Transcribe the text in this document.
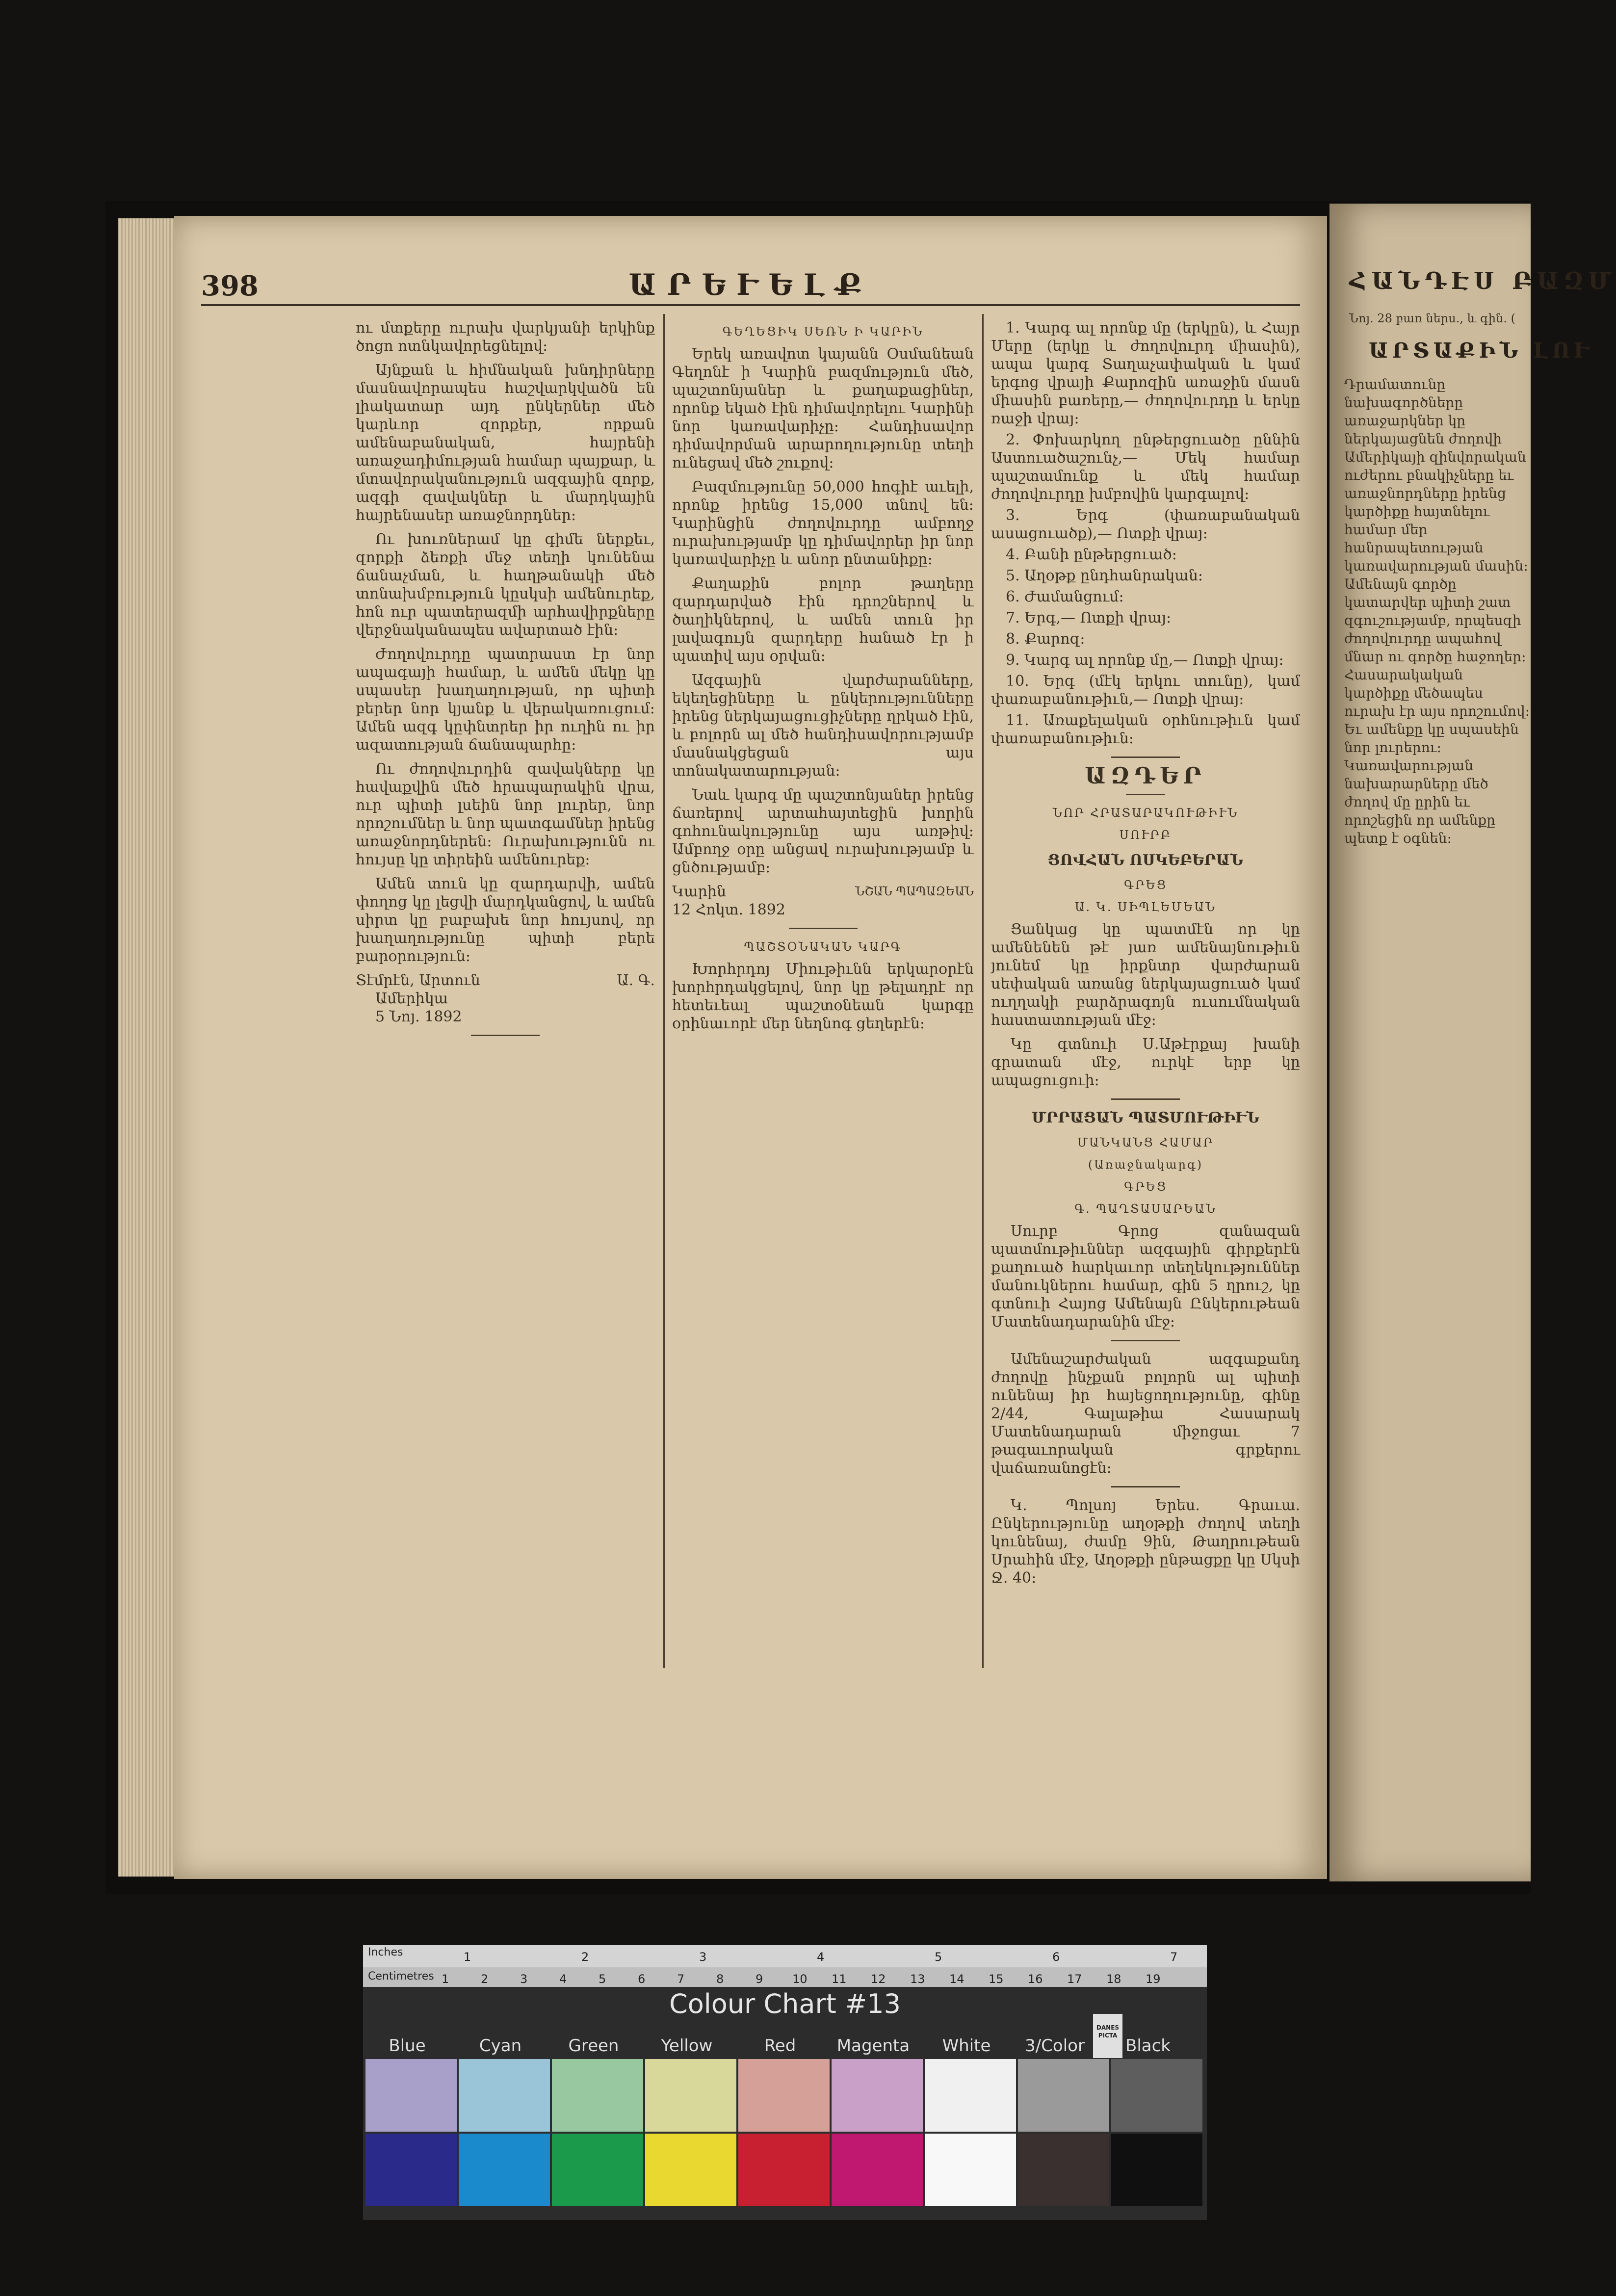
398	ԱՐԵՒԵԼՔ

ու մտքերը ուրախ վարկյանի երկինք ծոցո ոտնկավորեցնելով։

Այնքան և հիմնական խնդիրները մասնավորապես հաշվարկվածն են լիակատար այդ ընկերներ մեծ կարևոր զորքեր, որքան ամենաբանական, հայրենի առաջադիմության համար պայքար, և մտավորականություն ազգային զորք, ազգի զավակներ և մարդկային հայրենասեր առաջնորդներ։

Ու խուռներամ կը գիմե ներքեւ, զորքի ձեռքի մեջ տեղի կունենա ճանաչման, և հաղթանակի մեծ տոնախմբություն կըսկսի ամենուրեք, հոն ուր պատերազմի արհավիրքները վերջնականապես ավարտած էին։

Ժողովուրդը պատրաստ էր նոր ապագայի համար, և ամեն մեկը կը սպասեր խաղաղության, որ պիտի բերեր նոր կյանք և վերակառուցում։ Ամեն ազգ կըփնտրեր իր ուղին ու իր ազատության ճանապարհը։

Ու ժողովուրդին զավակները կը հավաքվին մեծ հրապարակին վրա, ուր պիտի լսեին նոր լուրեր, նոր որոշումներ և նոր պատգամներ իրենց առաջնորդներեն։ Ուրախությունն ու հույսը կը տիրեին ամենուրեք։

Ամեն տուն կը զարդարվի, ամեն փողոց կը լեցվի մարդկանցով, և ամեն սիրտ կը բաբախե նոր հույսով, որ խաղաղությունը պիտի բերե բարօրություն։

Տէմրէն, Արտուն	Ա. Գ.
Ամերիկա
5 Նոյ. 1892
ԳԵՂԵՑԻԿ ՍԵՌՆ Ի ԿԱՐԻՆ

Երեկ առավոտ կայանն Օսմանեան Գեղոնէ ի Կարին բազմություն մեծ, պաշտոնյաներ և քաղաքացիներ, որոնք եկած էին դիմավորելու Կարինի նոր կառավարիչը։ Հանդիսավոր դիմավորման արարողությունը տեղի ունեցավ մեծ շուքով։

Բազմությունը 50,000 հոգիէ աւելի, որոնք իրենց 15,000 տնով են։ Կարինցին ժողովուրդը ամբողջ ուրախությամբ կը դիմավորեր իր նոր կառավարիչը և անոր ընտանիքը։

Քաղաքին բոլոր թաղերը զարդարված էին դրոշներով և ծաղիկներով, և ամեն տուն իր լավագույն զարդերը հանած էր ի պատիվ այս օրվան։

Ազգային վարժարանները, եկեղեցիները և ընկերությունները իրենց ներկայացուցիչները ղրկած էին, և բոլորն ալ մեծ հանդիսավորությամբ մասնակցեցան այս տոնակատարության։

Նաև կարգ մը պաշտոնյաներ իրենց ճառերով արտահայտեցին խորին գոհունակությունը այս առթիվ։ Ամբողջ օրը անցավ ուրախությամբ և ցնծությամբ։

Կարին	ՆՇԱՆ ՊԱՊԱԶԵԱՆ
12 Հոկտ. 1892
ՊԱՇՏՕՆԱԿԱՆ ԿԱՐԳ

Խորհրդոյ Միութիւնն երկարօրէն խորհրդակցելով, նոր կը թելադրէ որ հետեւեալ պաշտօնեան կարգը օրինաւորէ մեր նեղնոգ ցեղերէն։

1. Կարգ ալ որոնք մը (երկըն), և Հայր Մերը (երկը և ժողովուրդ միասին), ապա կարգ Տաղաչափական և կամ երգոց վրայի Քարոզին առաջին մասն միասին բառերը,— ժողովուրդը և երկը ռաջի վրայ։

2. Փոխարկող ընթերցուածը ըննին Աստուածաշունչ,— Մեկ համար պաշտամունք և մեկ համար ժողովուրդը խմբովին կարգալով։

3. Երգ (փառաբանական ասացուածք),— Ոտքի վրայ։

4. Բանի ընթերցուած։

5. Աղօթք ընդհանրական։

6. Ժամանցում։

7. Երգ,— Ոտքի վրայ։

8. Քարոզ։

9. Կարգ ալ որոնք մը,— Ոտքի վրայ։

10. Երգ (մէկ երկու տունը), կամ փառաբանութիւն,— Ոտքի վրայ։

11. Առաքելական օրհնութիւն կամ փառաբանութիւն։

ԱԶԴԵՐ
ՆՈՐ ՀՐԱՏԱՐԱԿՈՒԹԻՒՆ
ՍՈՒՐԲ
ՑՈՎՀԱՆ ՈՍԿԵԲԵՐԱՆ
ԳՐԵՑ
Ա. Կ. ՍԻՊԼԵՄԵԱՆ

Ցանկաց կը պատմէն որ կը ամենենեն թէ յառ ամենայնութիւն յունեմ կը իրքնտր վարժարան սեփական առանց ներկայացուած կամ ուղղակի բարձրագոյն ուսումնական հաստատության մէջ։

Կը գտնուի Ս.Աթէրքայ խանի գրատան մէջ, ուրկէ երբ կը ապացուցուի։

ՄՐՐԱՑԱՆ ՊԱՏՄՈՒԹԻՒՆ
ՄԱՆԿԱՆՑ ՀԱՄԱՐ
(Առաջնակարգ)
ԳՐԵՑ
Գ. ՊԱՂՏԱՍԱՐԵԱՆ

Սուրբ Գրոց զանազան պատմութիւններ ազգային գիրքերէն քաղուած հարկաւոր տեղեկություններ մանուկներու համար, գին 5 ղրուշ, կը գտնուի Հայոց Ամենայն Ընկերութեան Մատենադարանին մէջ։

Ամենաշարժական ազգաքանդ ժողովը ինչքան բոլորն ալ պիտի ունենայ իր հայեցողությունը, գինը 2/44, Գալաթիա Հասարակ Մատենադարան միջոցաւ 7 թագաւորական գրքերու վաճառանոցէն։

Կ. Պոլսոյ Երես. Գրաւա. Ընկերությունը աղօթքի ժողով տեղի կունենայ, ժամը 9ին, Թաղրութեան Սրահին մէջ, Աղօթքի ընթացքը կը Սկսի Ջ. 40։

ՀԱՆԴԷՍ ԲԱԶՄ
Նոյ. 28 բառ ներս., և գին. (
ԱՐՏԱՔԻՆ ԼՈՒ
Դրամատունը նախագործները առաջարկներ կը ներկայացնեն ժողովի Ամերիկայի զինվորական ուժերու բնակիչները եւ առաջնորդները իրենց կարծիքը հայտնելու համար մեր հանրապետության կառավարության մասին։ Ամենայն գործը կատարվեր պիտի շատ զգուշությամբ, որպեսզի ժողովուրդը ապահով մնար ու գործը հաջողեր։ Հասարակական կարծիքը մեծապես ուրախ էր այս որոշումով։ Եւ ամենքը կը սպասեին նոր լուրերու։ Կառավարության նախարարները մեծ ժողով մը ըրին եւ որոշեցին որ ամենքը պետք է օգնեն։
Inches	1	2	3	4	5	6	7
Centimetres 1	2	3	4	5	6	7	8	9 10 11 12 13 14 15 16 17 18 19
Colour Chart #13
DANES PICTA
Blue	Cyan	Green	Yellow	Red	Magenta	White	3/Color	Black
